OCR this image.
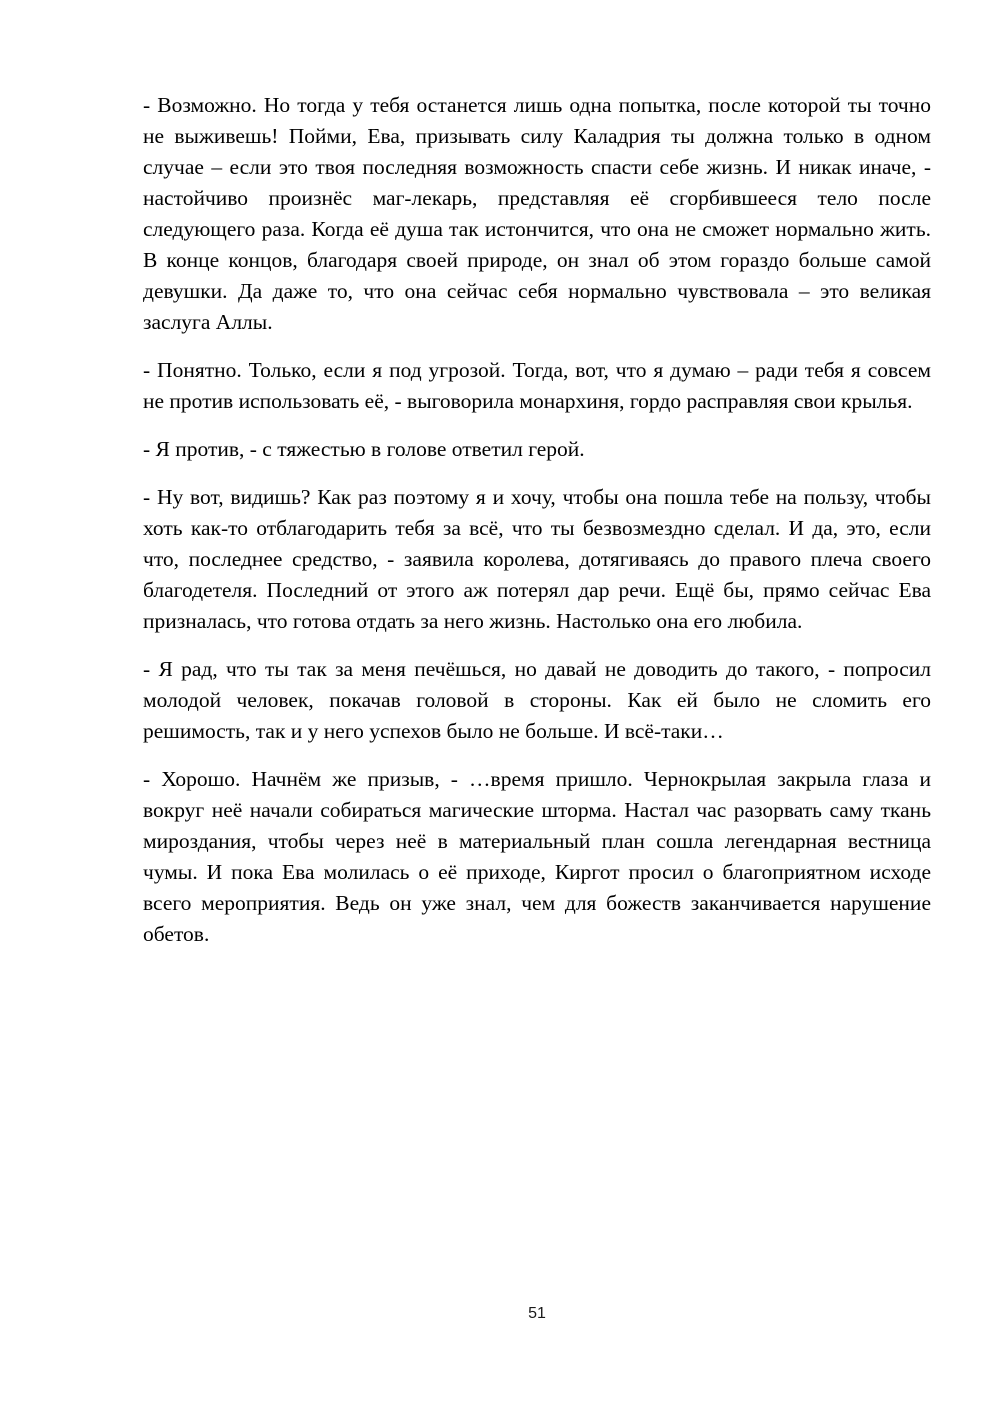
- Возможно. Но тогда у тебя останется лишь одна попытка, после которой ты точно не выживешь! Пойми, Ева, призывать силу Каладрия ты должна только в одном случае – если это твоя последняя возможность спасти себе жизнь. И никак иначе, - настойчиво произнёс маг-лекарь, представляя её сгорбившееся тело после следующего раза. Когда её душа так истончится, что она не сможет нормально жить. В конце концов, благодаря своей природе, он знал об этом гораздо больше самой девушки. Да даже то, что она сейчас себя нормально чувствовала – это великая заслуга Аллы.

- Понятно. Только, если я под угрозой. Тогда, вот, что я думаю – ради тебя я совсем не против использовать её, - выговорила монархиня, гордо расправляя свои крылья.

- Я против, - с тяжестью в голове ответил герой.

- Ну вот, видишь? Как раз поэтому я и хочу, чтобы она пошла тебе на пользу, чтобы хоть как-то отблагодарить тебя за всё, что ты безвозмездно сделал. И да, это, если что, последнее средство, - заявила королева, дотягиваясь до правого плеча своего благодетеля. Последний от этого аж потерял дар речи. Ещё бы, прямо сейчас Ева призналась, что готова отдать за него жизнь. Настолько она его любила.

- Я рад, что ты так за меня печёшься, но давай не доводить до такого, - попросил молодой человек, покачав головой в стороны. Как ей было не сломить его решимость, так и у него успехов было не больше. И всё-таки…

- Хорошо. Начнём же призыв, - …время пришло. Чернокрылая закрыла глаза и вокруг неё начали собираться магические шторма. Настал час разорвать саму ткань мироздания, чтобы через неё в материальный план сошла легендарная вестница чумы. И пока Ева молилась о её приходе, Киргот просил о благоприятном исходе всего мероприятия. Ведь он уже знал, чем для божеств заканчивается нарушение обетов.

51
